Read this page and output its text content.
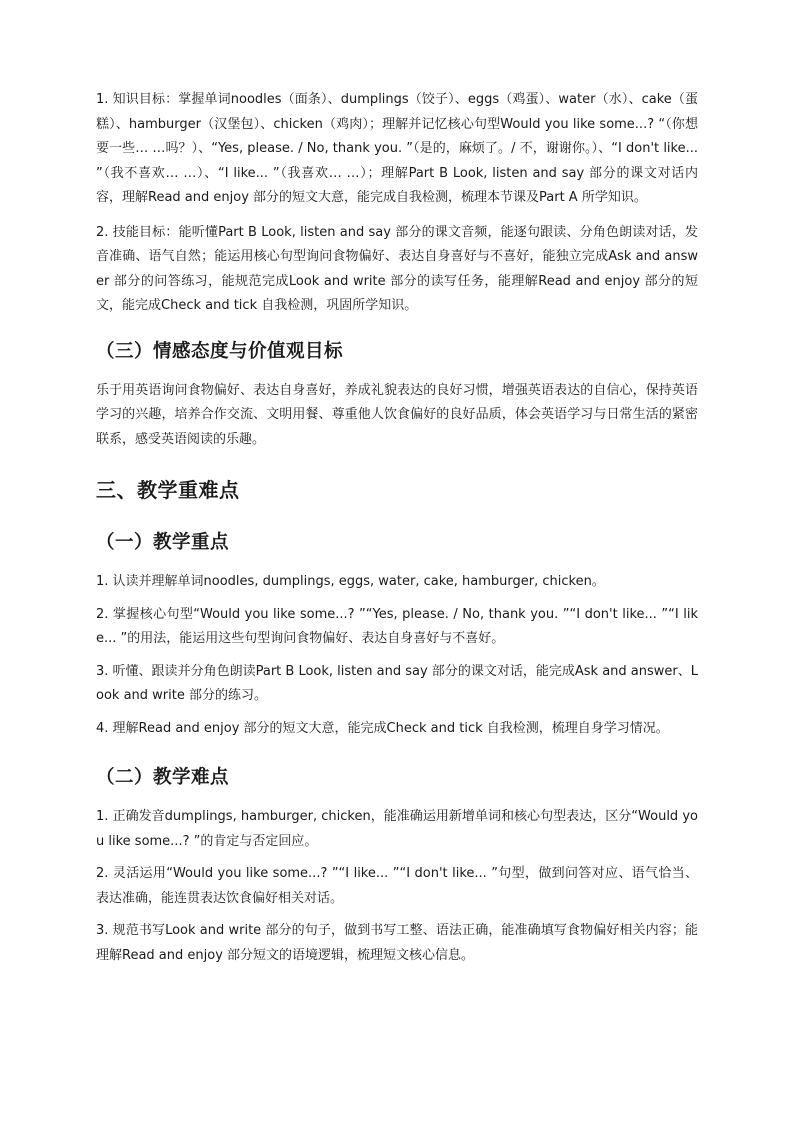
1. 知识目标：掌握单词noodles（面条）、dumplings（饺子）、eggs（鸡蛋）、water（水）、cake（蛋糕）、hamburger（汉堡包）、chicken（鸡肉）；理解并记忆核心句型Would you like some...? “（你想要一些… …吗？）、“Yes, please. / No, thank you. ”（是的，麻烦了。/ 不，谢谢你。）、“I don't like... ”（我不喜欢… …）、“I like... ”（我喜欢… …）；理解Part B Look, listen and say 部分的课文对话内容，理解Read and enjoy 部分的短文大意，能完成自我检测，梳理本节课及Part A 所学知识。

2. 技能目标：能听懂Part B Look, listen and say 部分的课文音频，能逐句跟读、分角色朗读对话，发音准确、语气自然；能运用核心句型询问食物偏好、表达自身喜好与不喜好，能独立完成Ask and answer 部分的问答练习，能规范完成Look and write 部分的读写任务，能理解Read and enjoy 部分的短文，能完成Check and tick 自我检测，巩固所学知识。

（三）情感态度与价值观目标

乐于用英语询问食物偏好、表达自身喜好，养成礼貌表达的良好习惯，增强英语表达的自信心，保持英语学习的兴趣，培养合作交流、文明用餐、尊重他人饮食偏好的良好品质，体会英语学习与日常生活的紧密联系，感受英语阅读的乐趣。

三、教学重难点
（一）教学重点

1. 认读并理解单词noodles, dumplings, eggs, water, cake, hamburger, chicken。

2. 掌握核心句型“Would you like some...? ”“Yes, please. / No, thank you. ”“I don't like... ”“I like... ”的用法，能运用这些句型询问食物偏好、表达自身喜好与不喜好。

3. 听懂、跟读并分角色朗读Part B Look, listen and say 部分的课文对话，能完成Ask and answer、Look and write 部分的练习。

4. 理解Read and enjoy 部分的短文大意，能完成Check and tick 自我检测，梳理自身学习情况。

（二）教学难点

1. 正确发音dumplings, hamburger, chicken，能准确运用新增单词和核心句型表达，区分“Would you like some...? ”的肯定与否定回应。

2. 灵活运用“Would you like some...? ”“I like... ”“I don't like... ”句型，做到问答对应、语气恰当、表达准确，能连贯表达饮食偏好相关对话。

3. 规范书写Look and write 部分的句子，做到书写工整、语法正确，能准确填写食物偏好相关内容；能理解Read and enjoy 部分短文的语境逻辑，梳理短文核心信息。
